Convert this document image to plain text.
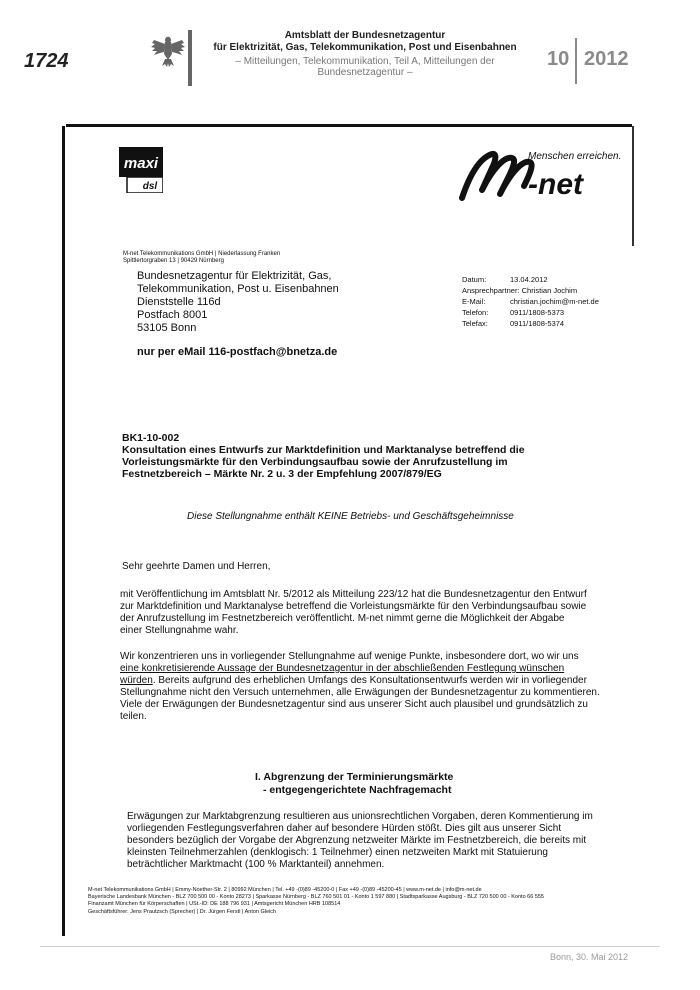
1724
Amtsblatt der Bundesnetzagentur
für Elektrizität, Gas, Telekommunikation, Post und Eisenbahnen
– Mitteilungen, Telekommunikation, Teil A, Mitteilungen der Bundesnetzagentur –
10 2012
maxi
dsl	-net
Menschen erreichen.
M-net Telekommunikations GmbH | Niederlassung Franken
Spittlertorgraben 13 | 90429 Nürnberg
Bundesnetzagentur für Elektrizität, Gas,
Telekommunikation, Post u. Eisenbahnen
Dienststelle 116d
Postfach 8001
53105 Bonn
nur per eMail 116-postfach@bnetza.de
Datum:	13.04.2012
Ansprechpartner:
Christian Jochim
E-Mail:	christian.jochim@m-net.de
Telefon:	0911/1808-5373
Telefax:	0911/1808-5374
BK1-10-002
Konsultation eines Entwurfs zur Marktdefinition und Marktanalyse betreffend die Vorleistungsmärkte für den Verbindungsaufbau sowie der Anrufzustellung im Festnetzbereich – Märkte Nr. 2 u. 3 der Empfehlung 2007/879/EG
Diese Stellungnahme enthält KEINE Betriebs- und Geschäftsgeheimnisse
Sehr geehrte Damen und Herren,
mit Veröffentlichung im Amtsblatt Nr. 5/2012 als Mitteilung 223/12 hat die Bundesnetzagentur den Entwurf zur Marktdefinition und Marktanalyse betreffend die Vorleistungsmärkte für den Verbindungsaufbau sowie der Anrufzustellung im Festnetzbereich veröffentlicht. M-net nimmt gerne die Möglichkeit der Abgabe einer Stellungnahme wahr.
Wir konzentrieren uns in vorliegender Stellungnahme auf wenige Punkte, insbesondere dort, wo wir uns eine konkretisierende Aussage der Bundesnetzagentur in der abschließenden Festlegung wünschen würden. Bereits aufgrund des erheblichen Umfangs des Konsultationsentwurfs werden wir in vorliegender Stellungnahme nicht den Versuch unternehmen, alle Erwägungen der Bundesnetzagentur zu kommentieren. Viele der Erwägungen der Bundesnetzagentur sind aus unserer Sicht auch plausibel und grundsätzlich zu teilen.
I. Abgrenzung der Terminierungsmärkte
- entgegengerichtete Nachfragemacht
Erwägungen zur Marktabgrenzung resultieren aus unionsrechtlichen Vorgaben, deren Kommentierung im vorliegenden Festlegungsverfahren daher auf besondere Hürden stößt. Dies gilt aus unserer Sicht besonders bezüglich der Vorgabe der Abgrenzung netzweiter Märkte im Festnetzbereich, die bereits mit kleinsten Teilnehmerzahlen (denklogisch: 1 Teilnehmer) einen netzweiten Markt mit Statuierung beträchtlicher Marktmacht (100 % Marktanteil) annehmen.
M-net Telekommunikations GmbH | Emmy-Noether-Str. 2 | 80992 München | Tel. +49 -(0)89 -45200-0 | Fax +49 -(0)89 -45200-45 | www.m-net.de | info@m-net.de
Bayerische Landesbank München - BLZ 700 500 00 - Konto 28273 | Sparkasse Nürnberg - BLZ 760 501 01 - Konto 1 597 880 | Stadtsparkasse Augsburg - BLZ 720 500 00 - Konto 66 555
Finanzamt München für Körperschaften | USt.-ID: DE 188 796 931 | Amtsgericht München HRB 108514
Geschäftsführer: Jens Prautzsch (Sprecher) | Dr. Jürgen Ferstl | Anton Gleich
Bonn, 30. Mai 2012
